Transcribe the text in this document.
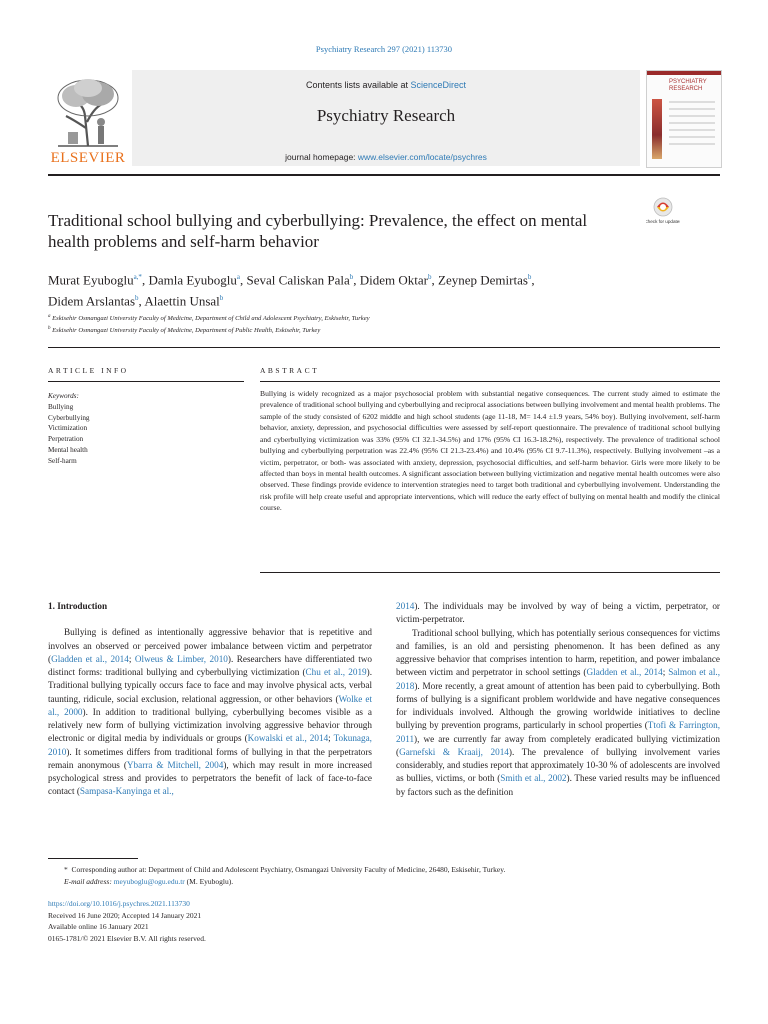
Psychiatry Research 297 (2021) 113730
ELSEVIER
Contents lists available at ScienceDirect
Psychiatry Research
journal homepage: www.elsevier.com/locate/psychres
PSYCHIATRY RESEARCH
Traditional school bullying and cyberbullying: Prevalence, the effect on mental health problems and self-harm behavior
Check for updates
Murat Eyuboglu$^{a,*}$, Damla Eyuboglu$^a$, Seval Caliskan Pala$^b$, Didem Oktar$^b$, Zeynep Demirtas$^b$,
Didem Arslantas$^b$, Alaettin Unsal$^b$
$^a$ Eskisehir Osmangazi University Faculty of Medicine, Department of Child and Adolescent Psychiatry, Eskisehir, Turkey
$^b$ Eskisehir Osmangazi University Faculty of Medicine, Department of Public Health, Eskisehir, Turkey
ARTICLE INFO
Keywords:
Bullying
Cyberbullying
Victimization
Perpetration
Mental health
Self-harm
ABSTRACT
Bullying is widely recognized as a major psychosocial problem with substantial negative consequences. The current study aimed to estimate the prevalence of traditional school bullying and cyberbullying and reciprocal associations between bullying involvement and mental health problems. The sample of the study consisted of 6202 middle and high school students (age 11-18, M= 14.4 ±1.9 years, 54% boy). Bullying involvement, self-harm behavior, anxiety, depression, and psychosocial difficulties were assessed by self-report questionnaire. The prevalence of traditional school bullying and cyberbullying victimization was 33% (95% CI 32.1-34.5%) and 17% (95% CI 16.3-18.2%), respectively. The prevalence of traditional school bullying and cyberbullying perpetration was 22.4% (95% CI 21.3-23.4%) and 10.4% (95% CI 9.7-11.3%), respectively. Bullying involvement –as a victim, perpetrator, or both- was associated with anxiety, depression, psychosocial difficulties, and self-harm behavior. Girls were more likely to be affected than boys in mental health outcomes. A significant association between bullying victimization and negative mental health outcomes were also observed. These findings provide evidence to intervention strategies need to target both traditional and cyberbullying involvement. Understanding the risk profile will help create useful and appropriate interventions, which will reduce the early effect of bullying on mental health and modify the clinical course.
1. Introduction

Bullying is defined as intentionally aggressive behavior that is repetitive and involves an observed or perceived power imbalance between victim and perpetrator (Gladden et al., 2014; Olweus & Limber, 2010). Researchers have differentiated two distinct forms: traditional bullying and cyberbullying victimization (Chu et al., 2019). Traditional bullying typically occurs face to face and may involve physical acts, verbal taunting, ridicule, social exclusion, relational aggression, or other behaviors (Wolke et al., 2000). In addition to traditional bullying, cyberbullying becomes visible as a relatively new form of bullying victimization involving aggressive behavior through electronic or digital media by individuals or groups (Kowalski et al., 2014; Tokunaga, 2010). It sometimes differs from traditional forms of bullying in that the perpetrators remain anonymous (Ybarra & Mitchell, 2004), which may result in more increased psychological stress and provides to perpetrators the benefit of lack of face-to-face contact (Sampasa-Kanyinga et al.,

2014). The individuals may be involved by way of being a victim, perpetrator, or victim-perpetrator.

Traditional school bullying, which has potentially serious consequences for victims and families, is an old and persisting phenomenon. It has been defined as any aggressive behavior that comprises intention to harm, repetition, and power imbalance between victim and perpetrator in school settings (Gladden et al., 2014; Salmon et al., 2018). More recently, a great amount of attention has been paid to cyberbullying. Both forms of bullying is a significant problem worldwide and have negative consequences for individuals involved. Although the growing worldwide initiatives to decline bullying by prevention programs, particularly in school properties (Ttofi & Farrington, 2011), we are currently far away from completely eradicated bullying victimization (Garnefski & Kraaij, 2014). The prevalence of bullying involvement varies considerably, and studies report that approximately 10-30 % of adolescents are involved as bullies, victims, or both (Smith et al., 2002). These varied results may be influenced by factors such as the definition

* Corresponding author at: Department of Child and Adolescent Psychiatry, Osmangazi University Faculty of Medicine, 26480, Eskisehir, Turkey.
E-mail address: meyuboglu@ogu.edu.tr (M. Eyuboglu).
https://doi.org/10.1016/j.psychres.2021.113730
Received 16 June 2020; Accepted 14 January 2021
Available online 16 January 2021
0165-1781/© 2021 Elsevier B.V. All rights reserved.
